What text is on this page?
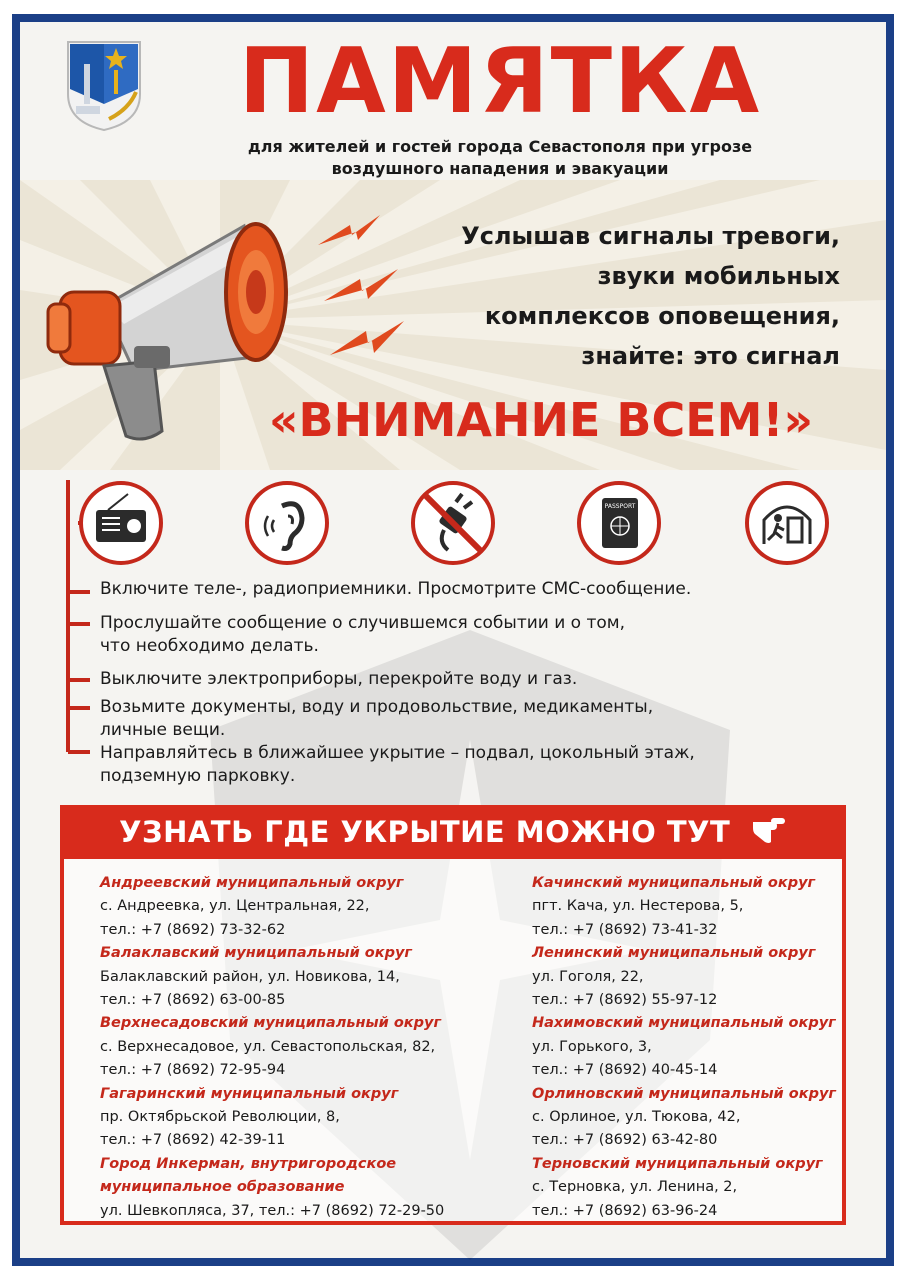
ПАМЯТКА
для жителей и гостей города Севастополя при угрозе
воздушного нападения и эвакуации
Услышав сигналы тревоги,
звуки мобильных
комплексов оповещения,
знайте: это сигнал
«ВНИМАНИЕ ВСЕМ!»
PASSPORT
Включите теле-, радиоприемники. Просмотрите СМС-сообщение.
Прослушайте сообщение о случившемся событии и о том,
что необходимо делать.
Выключите электроприборы, перекройте воду и газ.
Возьмите документы, воду и продовольствие, медикаменты,
личные вещи.
Направляйтесь в ближайшее укрытие – подвал, цокольный этаж,
подземную парковку.
УЗНАТЬ ГДЕ УКРЫТИЕ МОЖНО ТУТ
Андреевский муниципальный округ
с. Андреевка, ул. Центральная, 22,
тел.: +7 (8692) 73-32-62
Балаклавский муниципальный округ
Балаклавский район, ул. Новикова, 14,
тел.: +7 (8692) 63-00-85
Верхнесадовский муниципальный округ
с. Верхнесадовое, ул. Севастопольская, 82,
тел.: +7 (8692) 72-95-94
Гагаринский муниципальный округ
пр. Октябрьской Революции, 8,
тел.: +7 (8692) 42-39-11
Город Инкерман, внутригородское
муниципальное образование
ул. Шевкопляса, 37, тел.: +7 (8692) 72-29-50
Качинский муниципальный округ
пгт. Кача, ул. Нестерова, 5,
тел.: +7 (8692) 73-41-32
Ленинский муниципальный округ
ул. Гоголя, 22,
тел.: +7 (8692) 55-97-12
Нахимовский муниципальный округ
ул. Горького, 3,
тел.: +7 (8692) 40-45-14
Орлиновский муниципальный округ
с. Орлиное, ул. Тюкова, 42,
тел.: +7 (8692) 63-42-80
Терновский муниципальный округ
с. Терновка, ул. Ленина, 2,
тел.: +7 (8692) 63-96-24
